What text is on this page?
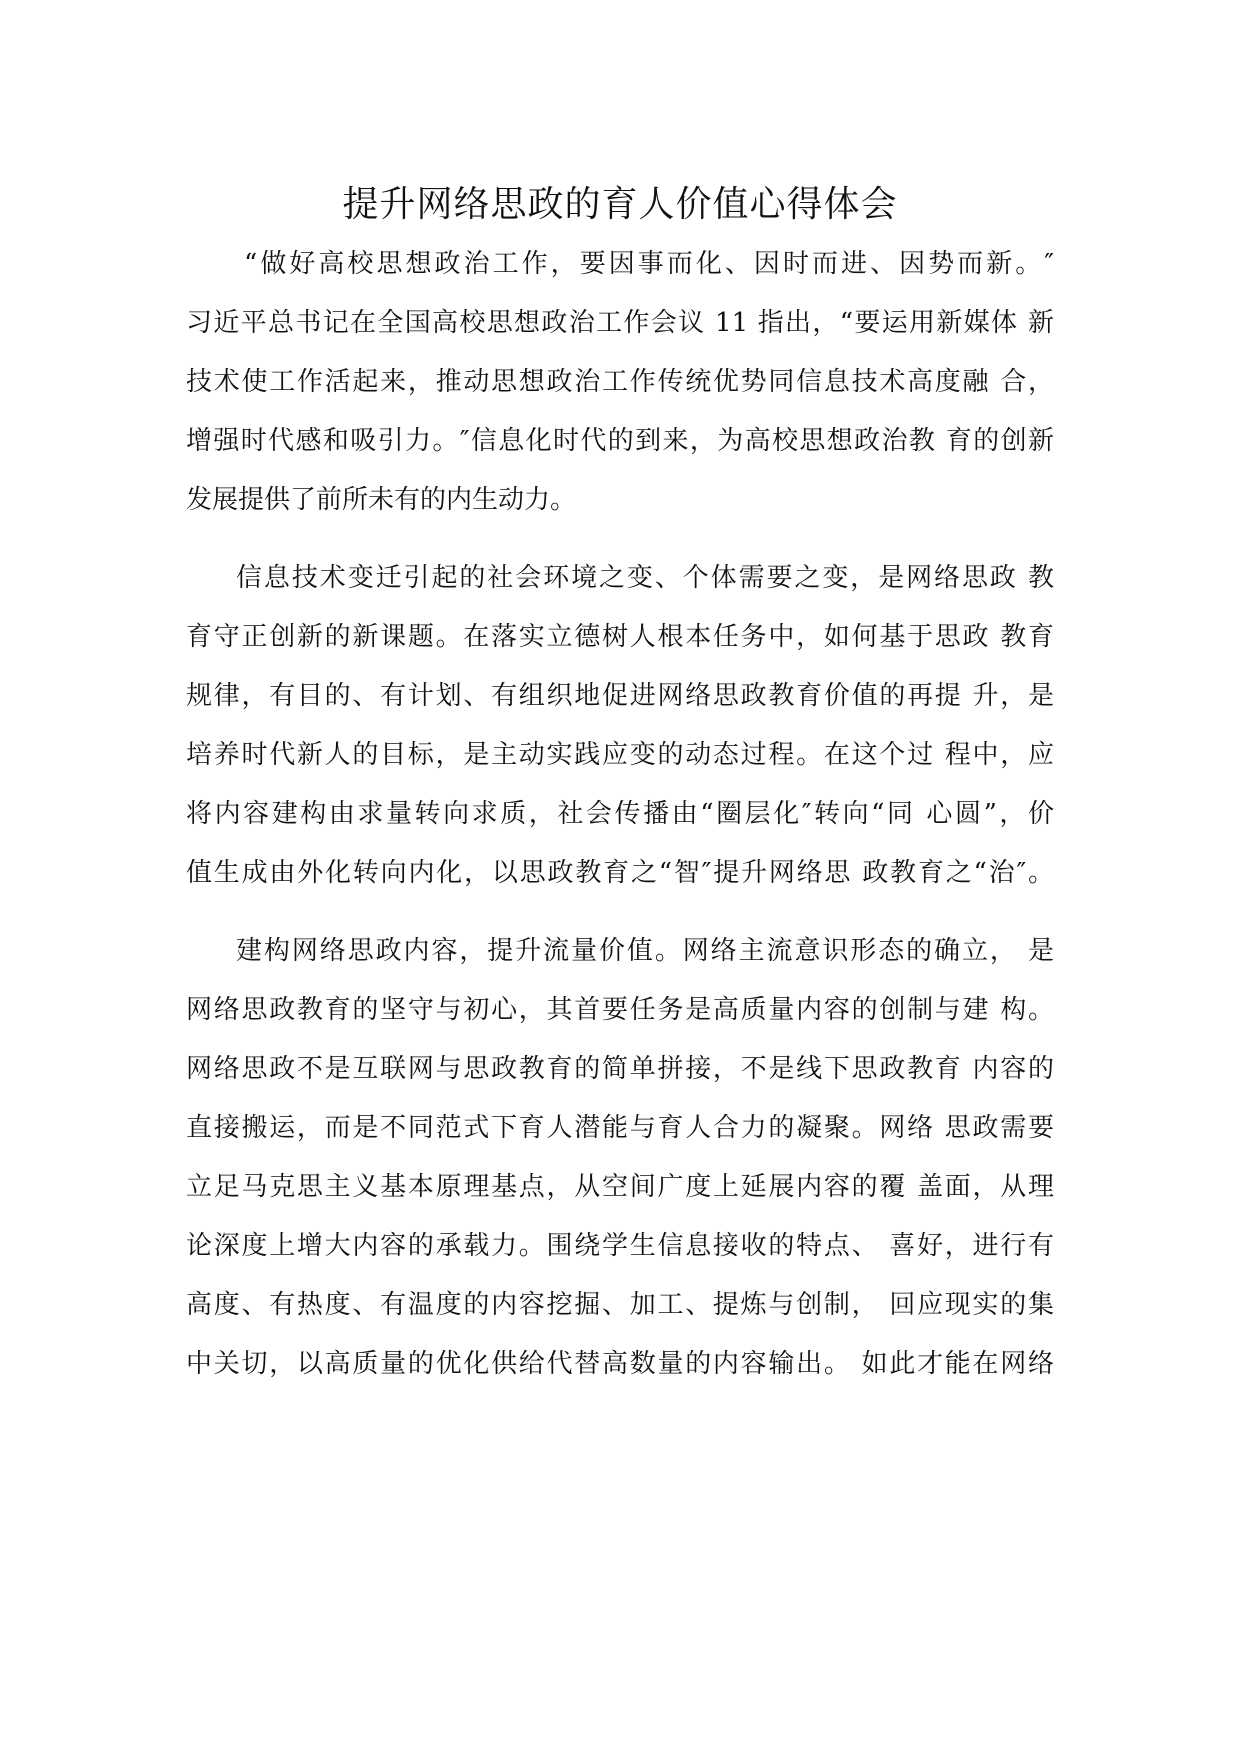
提升网络思政的育人价值心得体会
“做好高校思想政治工作，要因事而化、因时而进、因势而新。″
习近平总书记在全国高校思想政治工作会议 11 指出，“要运用新媒体 新
技术使工作活起来，推动思想政治工作传统优势同信息技术高度融 合，
增强时代感和吸引力。″信息化时代的到来，为高校思想政治教 育的创新
发展提供了前所未有的内生动力。
信息技术变迁引起的社会环境之变、个体需要之变，是网络思政 教
育守正创新的新课题。在落实立德树人根本任务中，如何基于思政 教育
规律，有目的、有计划、有组织地促进网络思政教育价值的再提 升，是
培养时代新人的目标，是主动实践应变的动态过程。在这个过 程中，应
将内容建构由求量转向求质，社会传播由“圈层化″转向“同 心圆”，价
值生成由外化转向内化，以思政教育之“智″提升网络思 政教育之“治″。
建构网络思政内容，提升流量价值。网络主流意识形态的确立， 是
网络思政教育的坚守与初心，其首要任务是高质量内容的创制与建 构。
网络思政不是互联网与思政教育的简单拼接，不是线下思政教育 内容的
直接搬运，而是不同范式下育人潜能与育人合力的凝聚。网络 思政需要
立足马克思主义基本原理基点，从空间广度上延展内容的覆 盖面，从理
论深度上增大内容的承载力。围绕学生信息接收的特点、 喜好，进行有
高度、有热度、有温度的内容挖掘、加工、提炼与创制， 回应现实的集
中关切，以高质量的优化供给代替高数量的内容输出。 如此才能在网络
